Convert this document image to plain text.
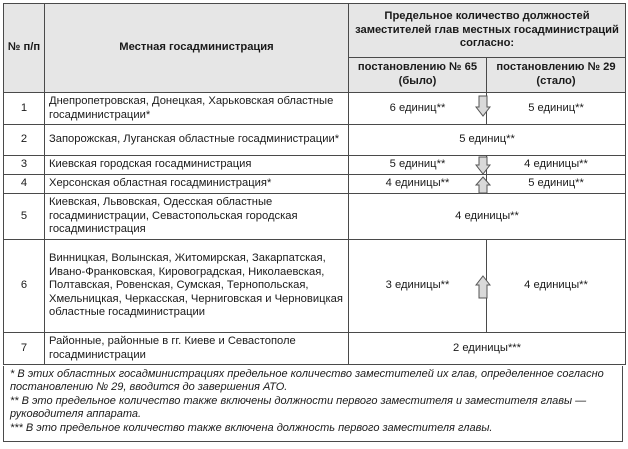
№ п/п	Местная госадминистрация	Предельное количество должностей заместителей глав местных госадминистраций согласно:	
		постановлению № 65 (было)	постановлению № 29 (стало)
1	Днепропетровская, Донецкая, Харьковская областные госадминистрации*	6 единиц**	5 единиц**
2	Запорожская, Луганская областные госадминистрации*	5 единиц**	
3	Киевская городская госадминистрация	5 единиц**	4 единицы**
4	Херсонская областная госадминистрация*	4 единицы**	5 единиц**
5	Киевская, Львовская, Одесская областные госадминистрации, Севастопольская городская госадминистрация	4 единицы**	
6	Винницкая, Волынская, Житомирская, Закарпатская, Ивано-Франковская, Кировоградская, Николаевская, Полтавская, Ровенская, Сумская, Тернопольская, Хмельницкая, Черкасская, Черниговская и Черновицкая областные госадминистрации	3 единицы**	4 единицы**
7	Районные, районные в гг. Киеве и Севастополе госадминистрации	2 единицы***	
* В этих областных госадминистрациях предельное количество заместителей их глав, определенное согласно постановлению № 29, вводится до завершения АТО.
** В это предельное количество также включены должности первого заместителя и заместителя главы — руководителя аппарата.
*** В это предельное количество также включена должность первого заместителя главы.
